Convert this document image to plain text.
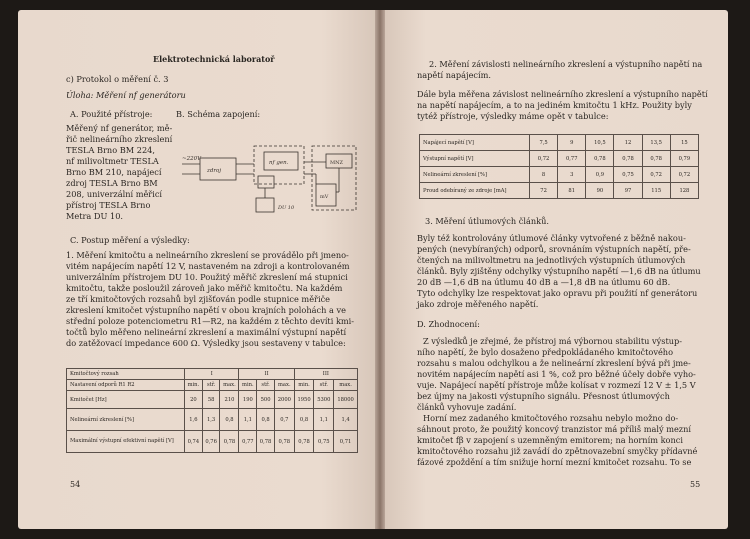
Elektrotechnická laboratoř
c) Protokol o měření č. 3
Úloha: Měření nf generátoru
A. Použité přístroje:	B. Schéma zapojení:
Měřený nf generátor, mě-
řič nelineárního zkreslení
TESLA Brno BM 224,
nf milivoltmetr TESLA
Brno BM 210, napájecí
zdroj TESLA Brno BM
208, univerzální měřicí
přístroj TESLA Brno
Metra DU 10.
~220V
zdroj
nf gen.	MNZ
mV
DU 10
C. Postup měření a výsledky:
1. Měření kmitočtu a nelineárního zkreslení se provádělo při jmeno-
vitém napájecím napětí 12 V, nastaveném na zdroji a kontrolovaném
univerzálním přístrojem DU 10. Použitý měřič zkreslení má stupnici
kmitočtu, takže posloužil zároveň jako měřič kmitočtu. Na každém
ze tří kmitočtových rozsahů byl zjišťován podle stupnice měřiče
zkreslení kmitočet výstupního napětí v obou krajních polohách a ve
střední poloze potenciometru R1—R2, na každém z těchto devíti kmi-
točtů bylo měřeno nelineární zkreslení a maximální výstupní napětí
do zatěžovací impedance 600 Ω. Výsledky jsou sestaveny v tabulce:
Kmitočtový rozsah	I			II			III		
Nastavení odporů R1 R2	min.	stř.	max.	min.	stř.	max.	min.	stř.	max.
Kmitočet [Hz]	20	58	210	190	500	2000	1950	5300	18000
Nelineární zkreslení [%]	1,6	1,3	0,8	1,1	0,8	0,7	0,8	1,1	1,4
Maximální výstupní efektivní napětí [V]	0,74	0,76	0,78	0,77	0,78	0,78	0,78	0,75	0,71
54
2. Měření závislosti nelineárního zkreslení a výstupního napětí na
napětí napájecím.
Dále byla měřena závislost nelineárního zkreslení a výstupního napětí
na napětí napájecím, a to na jediném kmitočtu 1 kHz. Použity byly
tytéž přístroje, výsledky máme opět v tabulce:
Napájecí napětí [V]	7,5	9	10,5	12	13,5	15
Výstupní napětí [V]	0,72	0,77	0,78	0,78	0,78	0,79
Nelineární zkreslení [%]	8	3	0,9	0,75	0,72	0,72
Proud odebíraný ze zdroje [mA]	72	81	90	97	115	128
3. Měření útlumových článků.
Byly též kontrolovány útlumové články vytvořené z běžně nakou-
pených (nevybíraných) odporů, srovnáním výstupních napětí, pře-
čtených na milivoltmetru na jednotlivých výstupních útlumových
článků. Byly zjištěny odchylky výstupního napětí —1,6 dB na útlumu
20 dB —1,6 dB na útlumu 40 dB a —1,8 dB na útlumu 60 dB.
Tyto odchylky lze respektovat jako opravu při použití nf generátoru
jako zdroje měřeného napětí.
D. Zhodnocení:
Z výsledků je zřejmé, že přístroj má výbornou stabilitu výstup-
ního napětí, že bylo dosaženo předpokládaného kmitočtového
rozsahu s malou odchylkou a že nelineární zkreslení bývá při jme-
novitém napájecím napětí asi 1 %, což pro běžné účely dobře vyho-
vuje. Napájecí napětí přístroje může kolísat v rozmezí 12 V ± 1,5 V
bez újmy na jakosti výstupního signálu. Přesnost útlumových
článků vyhovuje zadání.
Horní mez zadaného kmitočtového rozsahu nebylo možno do-
sáhnout proto, že použitý koncový tranzistor má příliš malý mezní
kmitočet fβ v zapojení s uzemněným emitorem; na horním konci
kmitočtového rozsahu již zavádí do zpětnovazební smyčky přídavné
fázové zpoždění a tím snižuje horní mezní kmitočet rozsahu. To se
55
